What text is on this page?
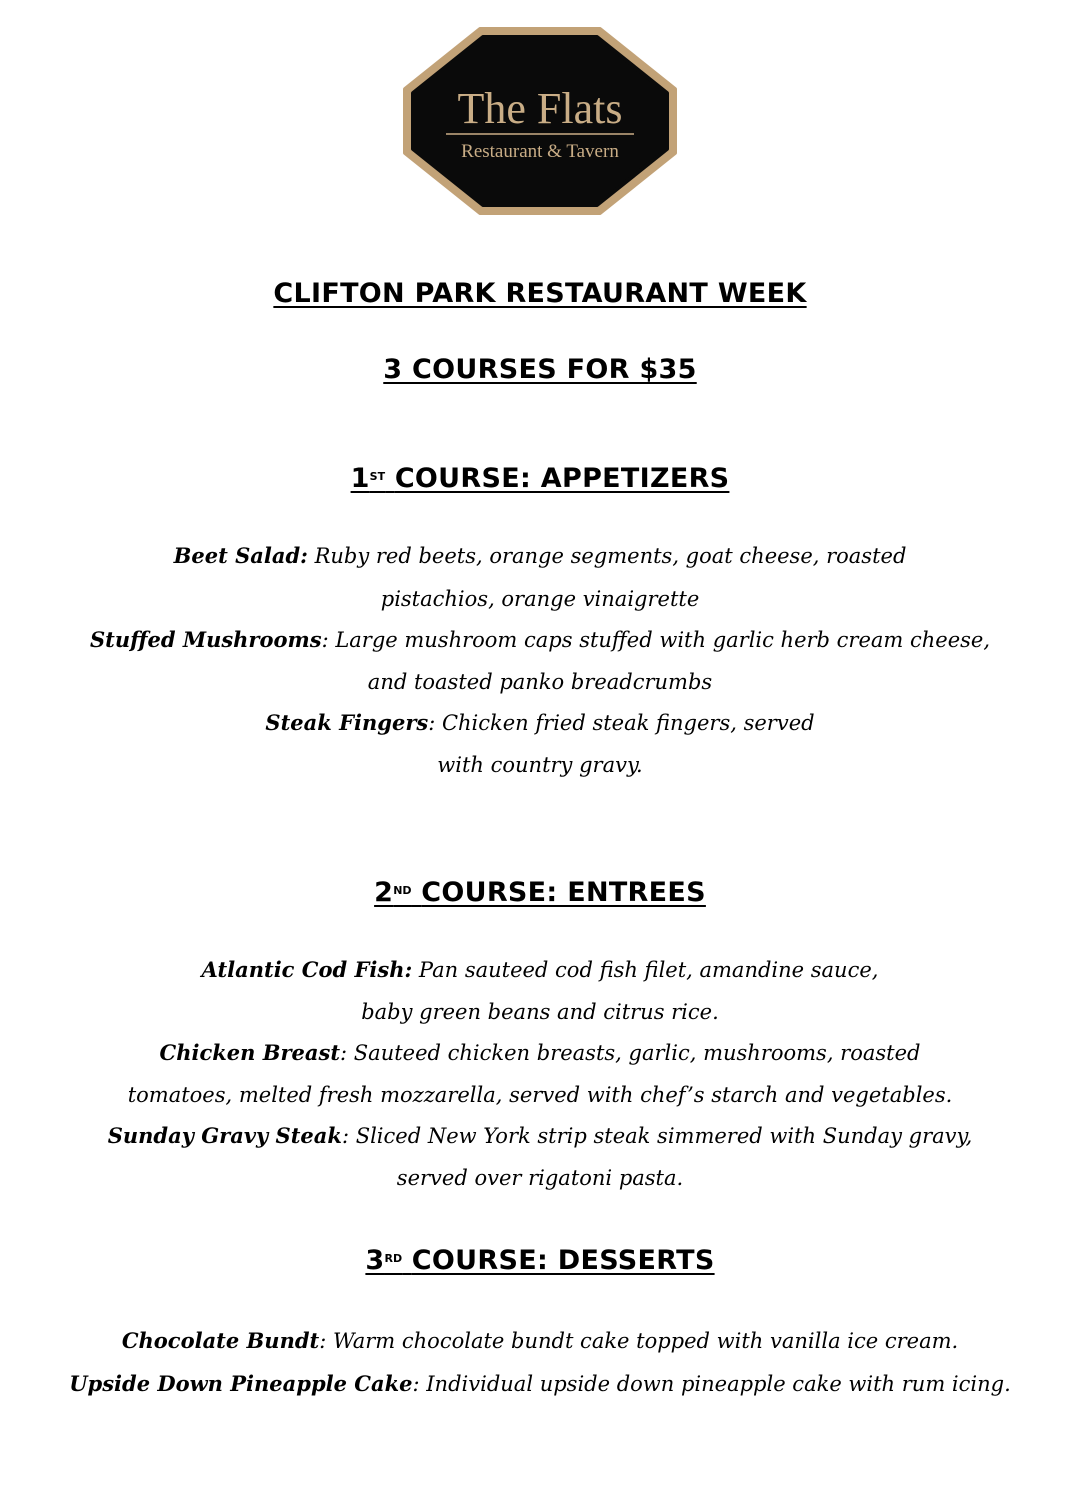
The Flats
Restaurant & Tavern
CLIFTON PARK RESTAURANT WEEK
3 COURSES FOR $35
1ST COURSE: APPETIZERS
Beet Salad: Ruby red beets, orange segments, goat cheese, roasted
pistachios, orange vinaigrette
Stuffed Mushrooms: Large mushroom caps stuffed with garlic herb cream cheese,
and toasted panko breadcrumbs
Steak Fingers: Chicken fried steak fingers, served
with country gravy.
2ND COURSE: ENTREES
Atlantic Cod Fish: Pan sauteed cod fish filet, amandine sauce,
baby green beans and citrus rice.
Chicken Breast: Sauteed chicken breasts, garlic, mushrooms, roasted
tomatoes, melted fresh mozzarella, served with chef’s starch and vegetables.
Sunday Gravy Steak: Sliced New York strip steak simmered with Sunday gravy,
served over rigatoni pasta.
3RD COURSE: DESSERTS
Chocolate Bundt: Warm chocolate bundt cake topped with vanilla ice cream.
Upside Down Pineapple Cake: Individual upside down pineapple cake with rum icing.
